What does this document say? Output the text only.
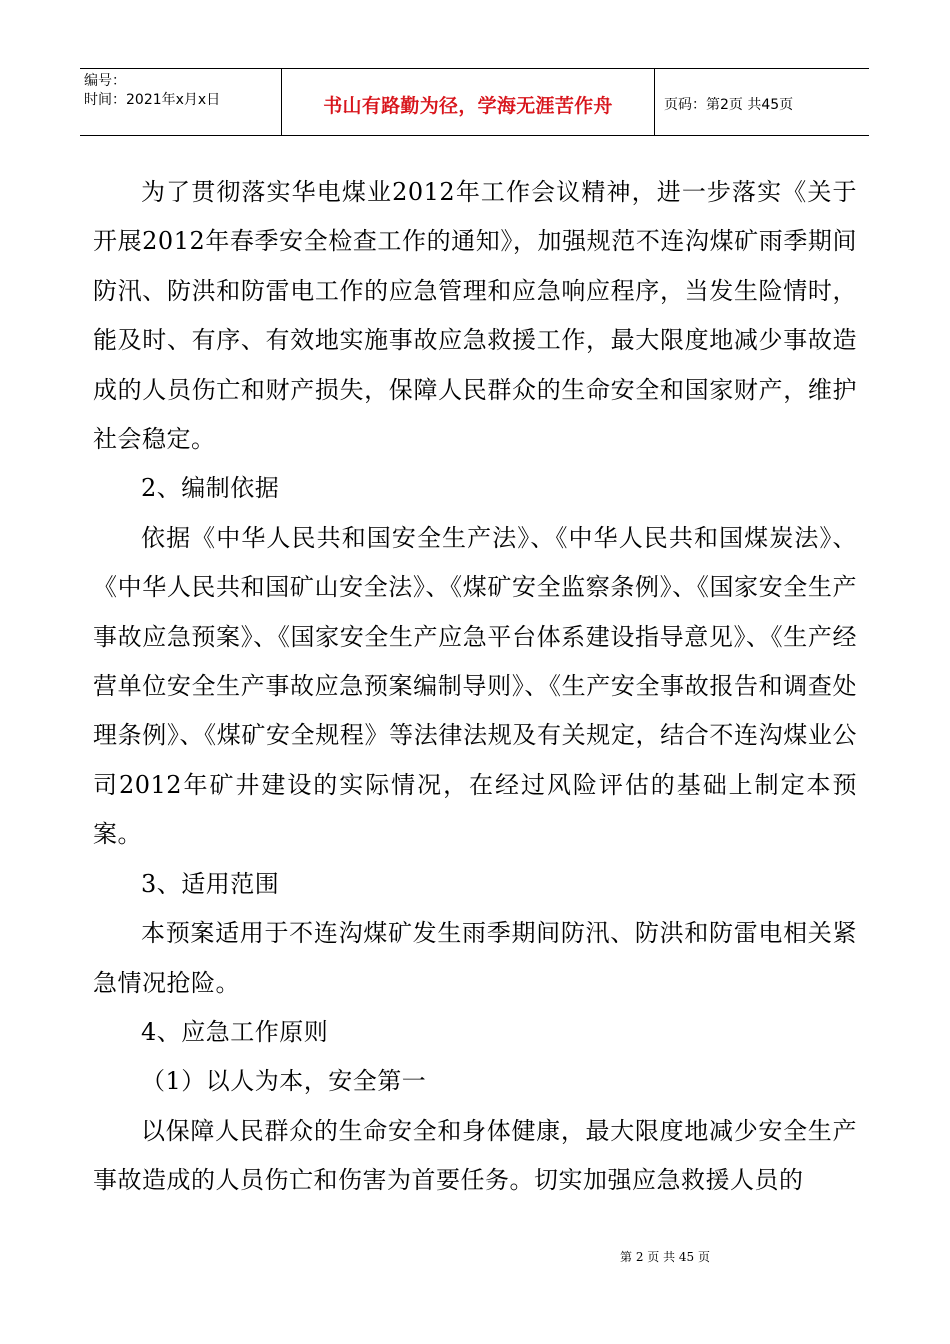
编号：
时间：2021年x月x日	书山有路勤为径，学海无涯苦作舟	页码：第2页 共45页

为了贯彻落实华电煤业2012年工作会议精神，进一步落实《关于开展2012年春季安全检查工作的通知》，加强规范不连沟煤矿雨季期间防汛、防洪和防雷电工作的应急管理和应急响应程序，当发生险情时，能及时、有序、有效地实施事故应急救援工作，最大限度地减少事故造成的人员伤亡和财产损失，保障人民群众的生命安全和国家财产，维护社会稳定。

2、编制依据

依据《中华人民共和国安全生产法》、《中华人民共和国煤炭法》、《中华人民共和国矿山安全法》、《煤矿安全监察条例》、《国家安全生产事故应急预案》、《国家安全生产应急平台体系建设指导意见》、《生产经营单位安全生产事故应急预案编制导则》、《生产安全事故报告和调查处理条例》、《煤矿安全规程》等法律法规及有关规定，结合不连沟煤业公司2012年矿井建设的实际情况，在经过风险评估的基础上制定本预案。

3、适用范围

本预案适用于不连沟煤矿发生雨季期间防汛、防洪和防雷电相关紧急情况抢险。

4、应急工作原则

（1）以人为本，安全第一

以保障人民群众的生命安全和身体健康，最大限度地减少安全生产事故造成的人员伤亡和伤害为首要任务。切实加强应急救援人员的

第 2 页 共 45 页
